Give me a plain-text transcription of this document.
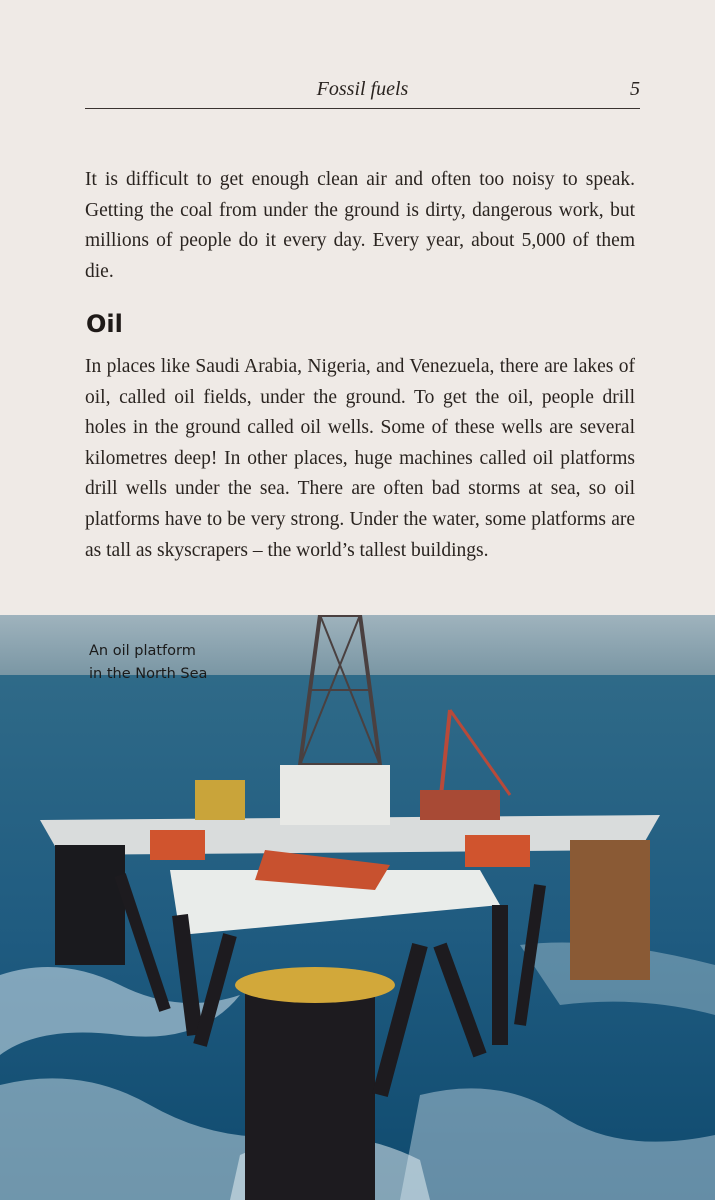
Fossil fuels	5

It is difficult to get enough clean air and often too noisy to speak. Getting the coal from under the ground is dirty, dangerous work, but millions of people do it every day. Every year, about 5,000 of them die.

Oil

In places like Saudi Arabia, Nigeria, and Venezuela, there are lakes of oil, called oil fields, under the ground. To get the oil, people drill holes in the ground called oil wells. Some of these wells are several kilometres deep! In other places, huge machines called oil platforms drill wells under the sea. There are often bad storms at sea, so oil platforms have to be very strong. Under the water, some platforms are as tall as skyscrapers – the world’s tallest buildings.

An oil platform
in the North Sea
